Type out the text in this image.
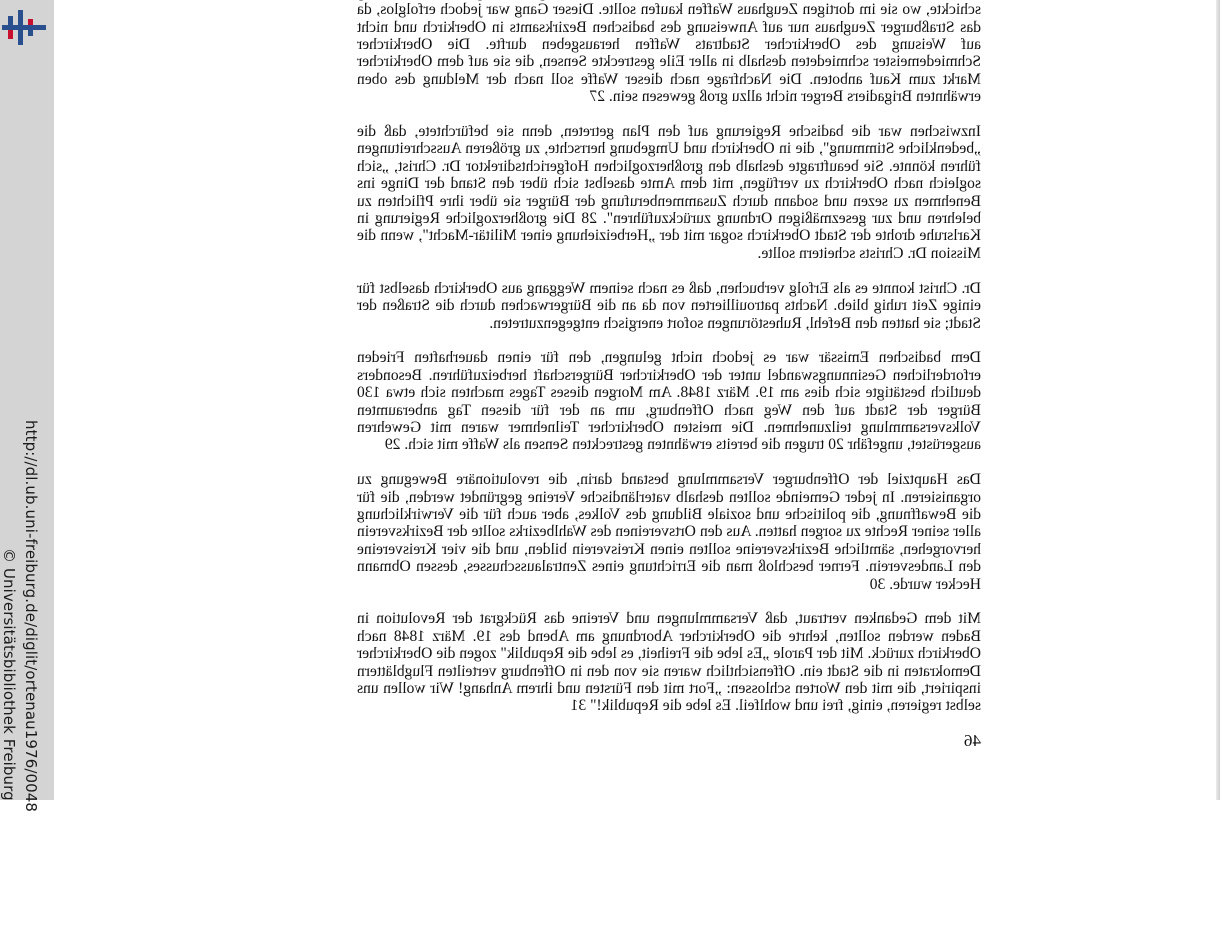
http://dl.ub.uni-freiburg.de/diglit/ortenau1976/0048
© Universitätsbibliothek Freiburg

schickte, wo sie im dortigen Zeughaus Waffen kaufen sollte. Dieser Gang war jedoch erfolglos, da das Straßburger Zeughaus nur auf Anweisung des badischen Bezirksamts in Oberkirch und nicht auf Weisung des Oberkircher Stadtrats Waffen herausgeben durfte. Die Oberkircher Schmiedemeister schmiedeten deshalb in aller Eile gestreckte Sensen, die sie auf dem Oberkircher Markt zum Kauf anboten. Die Nachfrage nach dieser Waffe soll nach der Meldung des oben erwähnten Brigadiers Berger nicht allzu groß gewesen sein. 27

Inzwischen war die badische Regierung auf den Plan getreten, denn sie befürchtete, daß die „bedenkliche Stimmung", die in Oberkirch und Umgebung herrschte, zu größeren Ausschreitungen führen könnte. Sie beauftragte deshalb den großherzoglichen Hofgerichtsdirektor Dr. Christ, „sich sogleich nach Oberkirch zu verfügen, mit dem Amte daselbst sich über den Stand der Dinge ins Benehmen zu sezen und sodann durch Zusammenberufung der Bürger sie über ihre Pflichten zu belehren und zur gesezmäßigen Ordnung zurückzuführen". 28 Die großherzogliche Regierung in Karlsruhe drohte der Stadt Oberkirch sogar mit der „Herbeiziehung einer Militär-Macht", wenn die Mission Dr. Christs scheitern sollte.

Dr. Christ konnte es als Erfolg verbuchen, daß es nach seinem Weggang aus Oberkirch daselbst für einige Zeit ruhig blieb. Nachts patrouillierten von da an die Bürgerwachen durch die Straßen der Stadt; sie hatten den Befehl, Ruhestörungen sofort energisch entgegenzutreten.

Dem badischen Emissär war es jedoch nicht gelungen, den für einen dauerhaften Frieden erforderlichen Gesinnungswandel unter der Oberkircher Bürgerschaft herbeizuführen. Besonders deutlich bestätigte sich dies am 19. März 1848. Am Morgen dieses Tages machten sich etwa 130 Bürger der Stadt auf den Weg nach Offenburg, um an der für diesen Tag anberaumten Volksversammlung teilzunehmen. Die meisten Oberkircher Teilnehmer waren mit Gewehren ausgerüstet, ungefähr 20 trugen die bereits erwähnten gestreckten Sensen als Waffe mit sich. 29

Das Hauptziel der Offenburger Versammlung bestand darin, die revolutionäre Bewegung zu organisieren. In jeder Gemeinde sollten deshalb vaterländische Vereine gegründet werden, die für die Bewaffnung, die politische und soziale Bildung des Volkes, aber auch für die Verwirklichung aller seiner Rechte zu sorgen hatten. Aus den Ortsvereinen des Wahlbezirks sollte der Bezirksverein hervorgehen, sämtliche Bezirksvereine sollten einen Kreisverein bilden, und die vier Kreisvereine den Landesverein. Ferner beschloß man die Errichtung eines Zentralausschusses, dessen Obmann Hecker wurde. 30

Mit dem Gedanken vertraut, daß Versammlungen und Vereine das Rückgrat der Revolution in Baden werden sollten, kehrte die Oberkircher Abordnung am Abend des 19. März 1848 nach Oberkirch zurück. Mit der Parole „Es lebe die Freiheit, es lebe die Republik" zogen die Oberkircher Demokraten in die Stadt ein. Offensichtlich waren sie von den in Offenburg verteilten Flugblättern inspiriert, die mit den Worten schlossen: „Fort mit den Fürsten und ihrem Anhang! Wir wollen uns selbst regieren, einig, frei und wohlfeil. Es lebe die Republik!" 31

46
